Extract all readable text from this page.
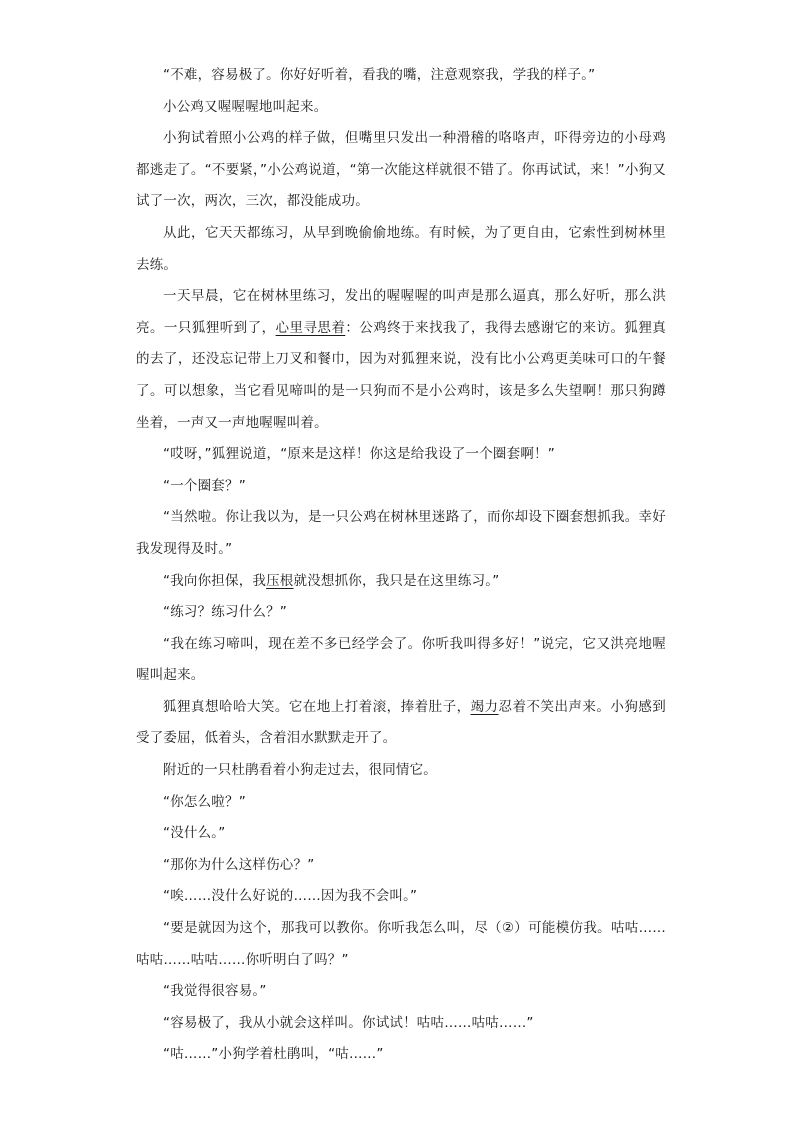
“不难，容易极了。你好好听着，看我的嘴，注意观察我，学我的样子。”

小公鸡又喔喔喔地叫起来。

小狗试着照小公鸡的样子做，但嘴里只发出一种滑稽的咯咯声，吓得旁边的小母鸡都逃走了。“不要紧，”小公鸡说道，“第一次能这样就很不错了。你再试试，来！”小狗又试了一次，两次，三次，都没能成功。

从此，它天天都练习，从早到晚偷偷地练。有时候，为了更自由，它索性到树林里去练。

一天早晨，它在树林里练习，发出的喔喔喔的叫声是那么逼真，那么好听，那么洪亮。一只狐狸听到了，心里寻思着：公鸡终于来找我了，我得去感谢它的来访。狐狸真的去了，还没忘记带上刀叉和餐巾，因为对狐狸来说，没有比小公鸡更美味可口的午餐了。可以想象，当它看见啼叫的是一只狗而不是小公鸡时，该是多么失望啊！那只狗蹲坐着，一声又一声地喔喔叫着。

“哎呀，”狐狸说道，“原来是这样！你这是给我设了一个圈套啊！”

“一个圈套？”

“当然啦。你让我以为，是一只公鸡在树林里迷路了，而你却设下圈套想抓我。幸好我发现得及时。”

“我向你担保，我压根就没想抓你，我只是在这里练习。”

“练习？练习什么？”

“我在练习啼叫，现在差不多已经学会了。你听我叫得多好！”说完，它又洪亮地喔喔叫起来。

狐狸真想哈哈大笑。它在地上打着滚，捧着肚子，竭力忍着不笑出声来。小狗感到受了委屈，低着头，含着泪水默默走开了。

附近的一只杜鹃看着小狗走过去，很同情它。

“你怎么啦？”

“没什么。”

“那你为什么这样伤心？”

“唉……没什么好说的……因为我不会叫。”

“要是就因为这个，那我可以教你。你听我怎么叫，尽（②）可能模仿我。咕咕……咕咕……咕咕……你听明白了吗？”

“我觉得很容易。”

“容易极了，我从小就会这样叫。你试试！咕咕……咕咕……”

“咕……”小狗学着杜鹃叫，“咕……”
